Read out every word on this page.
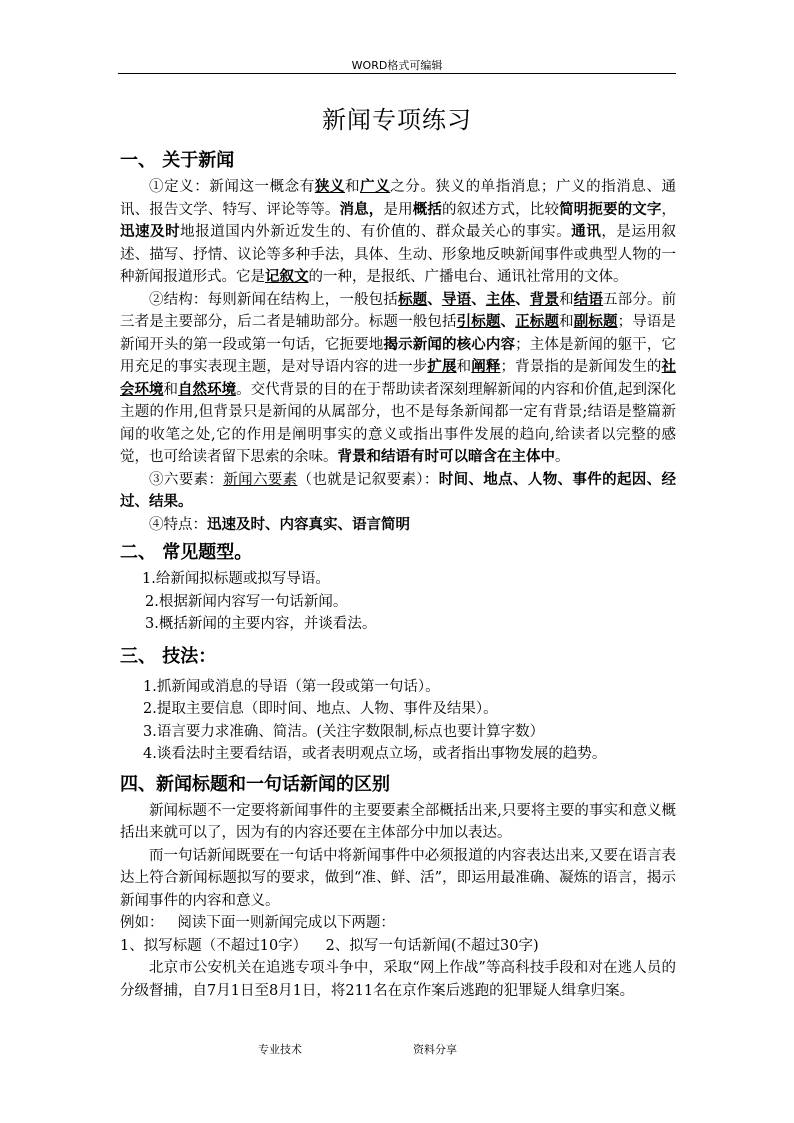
WORD格式可编辑
新闻专项练习
一、 关于新闻

①定义：新闻这一概念有狭义和广义之分。狭义的单指消息；广义的指消息、通讯、报告文学、特写、评论等等。消息，是用概括的叙述方式，比较简明扼要的文字，迅速及时地报道国内外新近发生的、有价值的、群众最关心的事实。通讯，是运用叙述、描写、抒情、议论等多种手法，具体、生动、形象地反映新闻事件或典型人物的一种新闻报道形式。它是记叙文的一种，是报纸、广播电台、通讯社常用的文体。

②结构：每则新闻在结构上，一般包括标题、导语、主体、背景和结语五部分。前三者是主要部分，后二者是辅助部分。标题一般包括引标题、正标题和副标题；导语是新闻开头的第一段或第一句话，它扼要地揭示新闻的核心内容；主体是新闻的躯干，它用充足的事实表现主题，是对导语内容的进一步扩展和阐释；背景指的是新闻发生的社会环境和自然环境。交代背景的目的在于帮助读者深刻理解新闻的内容和价值,起到深化主题的作用,但背景只是新闻的从属部分，也不是每条新闻都一定有背景;结语是整篇新闻的收笔之处,它的作用是阐明事实的意义或指出事件发展的趋向,给读者以完整的感觉，也可给读者留下思索的余味。背景和结语有时可以暗含在主体中。

③六要素：新闻六要素（也就是记叙要素）：时间、地点、人物、事件的起因、经过、结果。

④特点：迅速及时、内容真实、语言简明

二、 常见题型。
1.给新闻拟标题或拟写导语。
2.根据新闻内容写一句话新闻。
3.概括新闻的主要内容，并谈看法。
三、 技法：
1.抓新闻或消息的导语（第一段或第一句话）。
2.提取主要信息（即时间、地点、人物、事件及结果）。
3.语言要力求准确、简洁。(关注字数限制,标点也要计算字数）
4.谈看法时主要看结语，或者表明观点立场，或者指出事物发展的趋势。
四、新闻标题和一句话新闻的区别

新闻标题不一定要将新闻事件的主要要素全部概括出来,只要将主要的事实和意义概括出来就可以了，因为有的内容还要在主体部分中加以表达。

而一句话新闻既要在一句话中将新闻事件中必须报道的内容表达出来,又要在语言表达上符合新闻标题拟写的要求，做到“准、鲜、活”，即运用最准确、凝炼的语言，揭示新闻事件的内容和意义。

例如：   阅读下面一则新闻完成以下两题：

1、拟写标题（不超过10字）    2、拟写一句话新闻(不超过30字)

北京市公安机关在追逃专项斗争中，采取“网上作战”等高科技手段和对在逃人员的分级督捕，自7月1日至8月1日，将211名在京作案后逃跑的犯罪疑人缉拿归案。

专业技术	资料分享
